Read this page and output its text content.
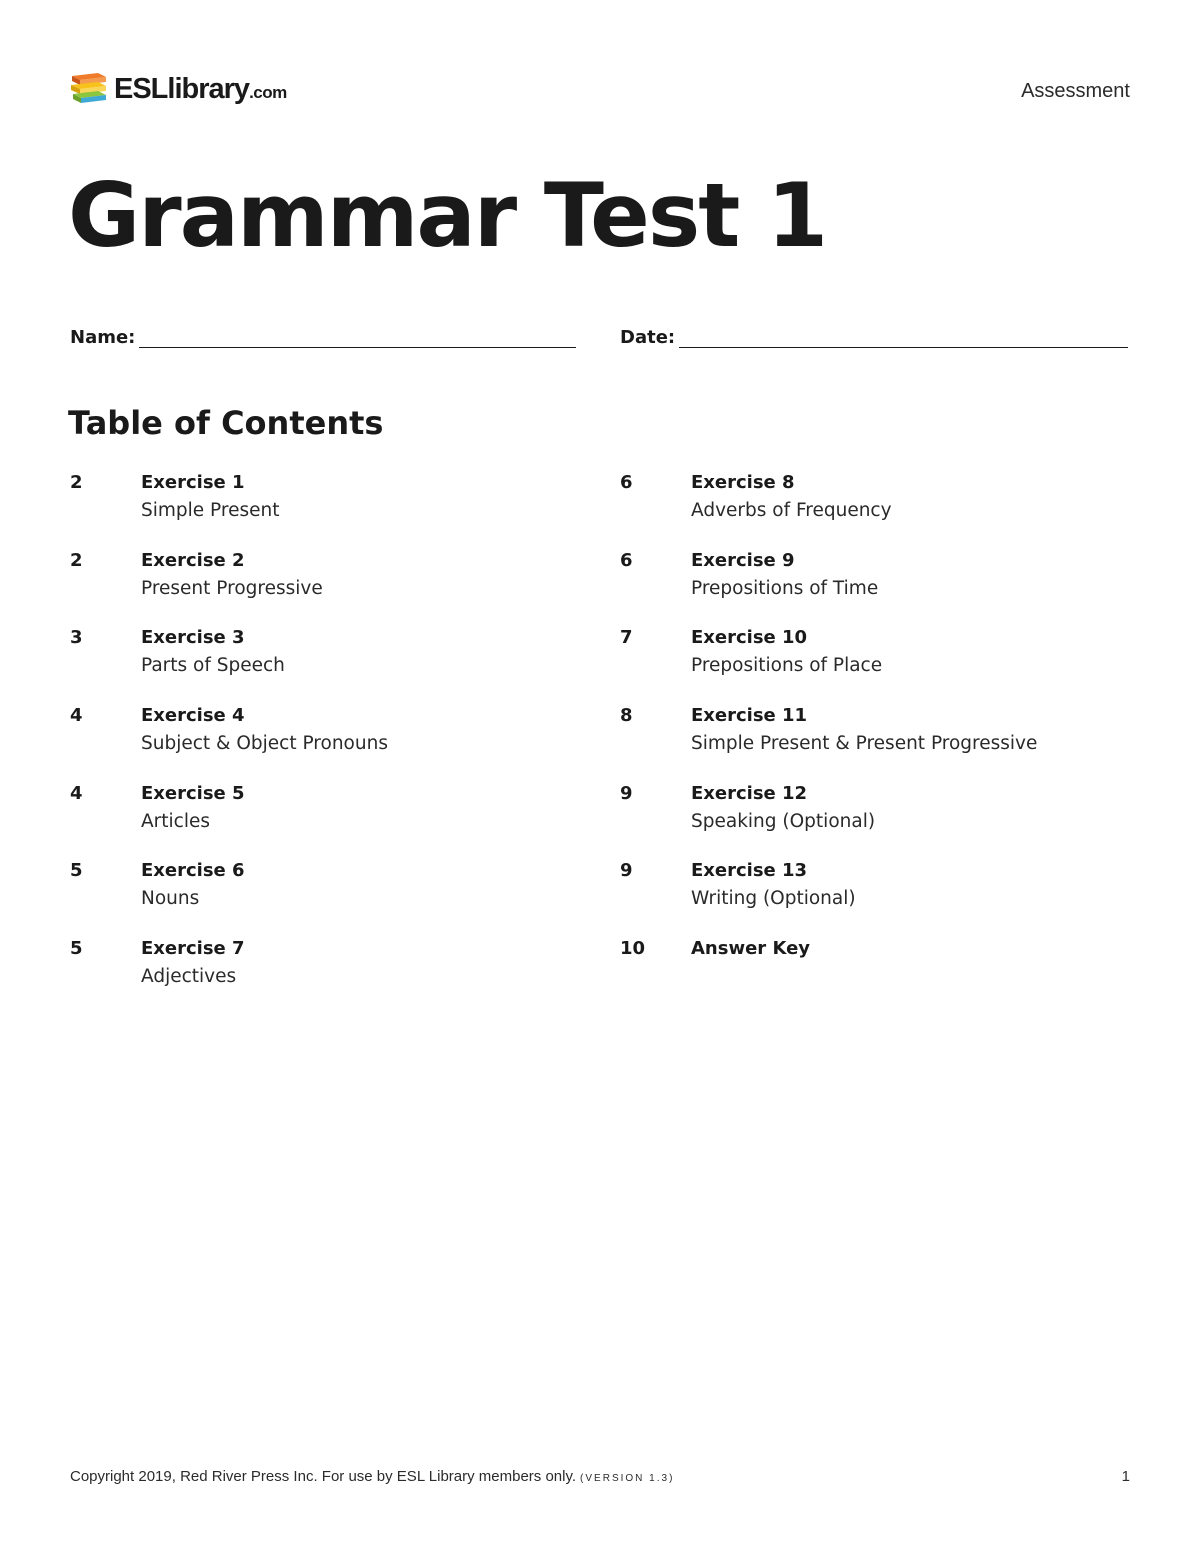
ESLlibrary .com	Assessment
Grammar Test 1
Name:	Date:
Table of Contents
2	Exercise 1
Simple Present
2	Exercise 2
Present Progressive
3	Exercise 3
Parts of Speech
4	Exercise 4
Subject & Object Pronouns
4	Exercise 5
Articles
5	Exercise 6
Nouns
5	Exercise 7
Adjectives
6	Exercise 8
Adverbs of Frequency
6	Exercise 9
Prepositions of Time
7	Exercise 10
Prepositions of Place
8	Exercise 11
Simple Present & Present Progressive
9	Exercise 12
Speaking (Optional)
9	Exercise 13
Writing (Optional)
10	Answer Key
Copyright 2019, Red River Press Inc. For use by ESL Library members only. (VERSION 1.3)	1
